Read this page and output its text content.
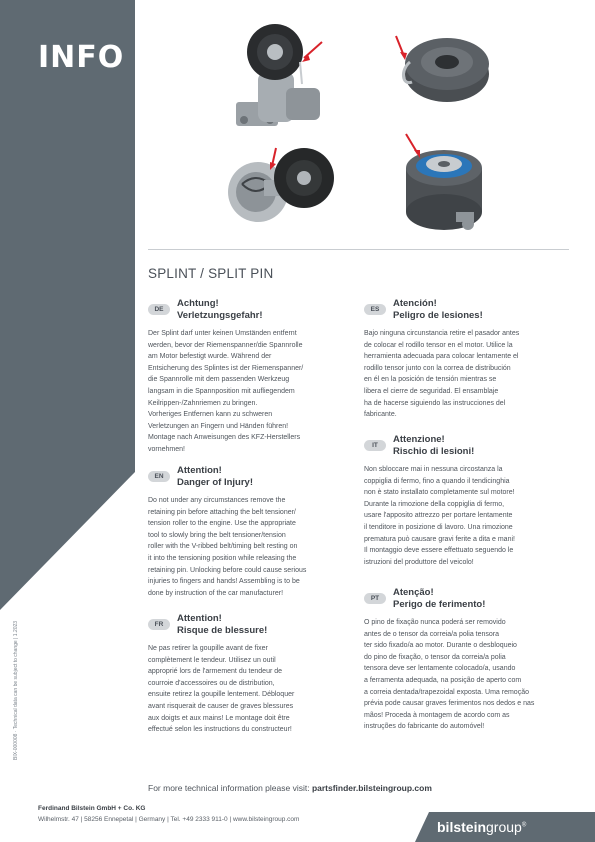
INFO
BIX-000008 · Technical data can be subject to change | 1.2023
SPLINT / SPLIT PIN
DE
Achtung!
Verletzungsgefahr!
Der Splint darf unter keinen Umständen entfernt
werden, bevor der Riemenspanner/die Spannrolle
am Motor befestigt wurde. Während der
Entsicherung des Splintes ist der Riemenspanner/
die Spannrolle mit dem passenden Werkzeug
langsam in die Spannposition mit aufliegendem
Keilrippen-/Zahnriemen zu bringen.
Vorheriges Entfernen kann zu schweren
Verletzungen an Fingern und Händen führen!
Montage nach Anweisungen des KFZ-Herstellers
vornehmen!
EN
Attention!
Danger of Injury!
Do not under any circumstances remove the
retaining pin before attaching the belt tensioner/
tension roller to the engine. Use the appropriate
tool to slowly bring the belt tensioner/tension
roller with the V-ribbed belt/timing belt resting on
it into the tensioning position while releasing the
retaining pin. Unlocking before could cause serious
injuries to fingers and hands! Assembling is to be
done by instruction of the car manufacturer!
FR
Attention!
Risque de blessure!
Ne pas retirer la goupille avant de fixer
complètement le tendeur. Utilisez un outil
approprié lors de l'armement du tendeur de
courroie d'accessoires ou de distribution,
ensuite retirez la goupille lentement. Débloquer
avant risquerait de causer de graves blessures
aux doigts et aux mains! Le montage doit être
effectué selon les instructions du constructeur!
ES
Atención!
Peligro de lesiones!
Bajo ninguna circunstancia retire el pasador antes
de colocar el rodillo tensor en el motor. Utilice la
herramienta adecuada para colocar lentamente el
rodillo tensor junto con la correa de distribución
en él en la posición de tensión mientras se
libera el cierre de seguridad. El ensamblaje
ha de hacerse siguiendo las instrucciones del
fabricante.
IT
Attenzione!
Rischio di lesioni!
Non sbloccare mai in nessuna circostanza la
coppiglia di fermo, fino a quando il tendicinghia
non è stato installato completamente sul motore!
Durante la rimozione della coppiglia di fermo,
usare l'apposito attrezzo per portare lentamente
il tenditore in posizione di lavoro. Una rimozione
prematura può causare gravi ferite a dita e mani!
Il montaggio deve essere effettuato seguendo le
istruzioni del produttore del veicolo!
PT
Atenção!
Perigo de ferimento!
O pino de fixação nunca poderá ser removido
antes de o tensor da correia/a polia tensora
ter sido fixado/a ao motor. Durante o desbloqueio
do pino de fixação, o tensor da correia/a polia
tensora deve ser lentamente colocado/a, usando
a ferramenta adequada, na posição de aperto com
a correia dentada/trapezoidal exposta. Uma remoção
prévia pode causar graves ferimentos nos dedos e nas
mãos! Proceda à montagem de acordo com as
instruções do fabricante do automóvel!
For more technical information please visit: partsfinder.bilsteingroup.com
Ferdinand Bilstein GmbH + Co. KG
Wilhelmstr. 47 | 58256 Ennepetal | Germany | Tel. +49 2333 911-0 | www.bilsteingroup.com	bilsteingroup®
